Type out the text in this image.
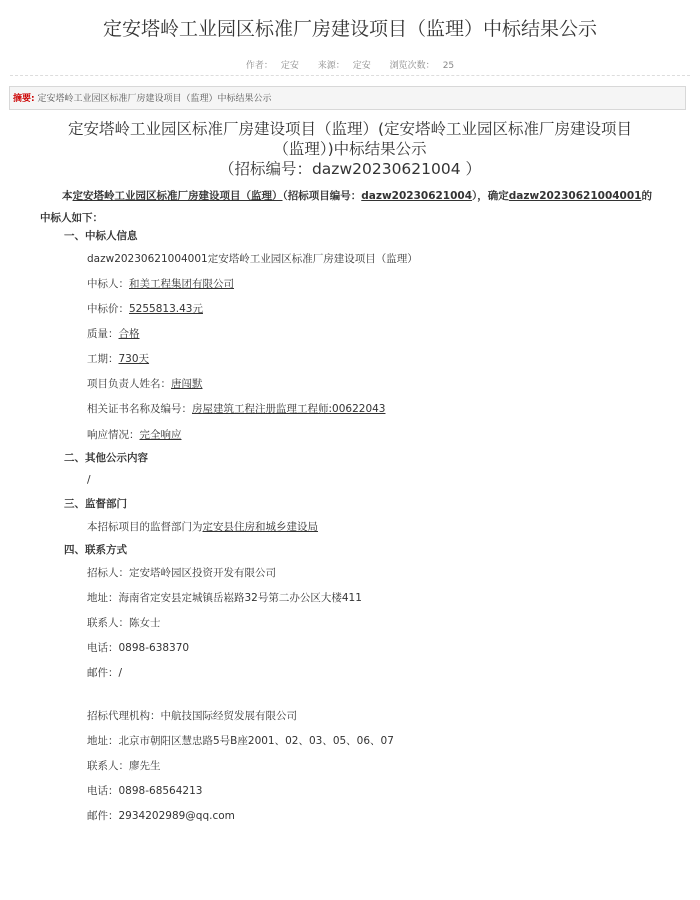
定安塔岭工业园区标准厂房建设项目（监理）中标结果公示
作者： 定安 来源： 定安 浏览次数： 25
摘要: 定安塔岭工业园区标准厂房建设项目（监理）中标结果公示
定安塔岭工业园区标准厂房建设项目（监理）(定安塔岭工业园区标准厂房建设项目
（监理）)中标结果公示
（招标编号：dazw20230621004 ）
本定安塔岭工业园区标准厂房建设项目（监理）（招标项目编号：dazw20230621004），确定dazw20230621004001的中标人如下：
一、中标人信息
dazw20230621004001定安塔岭工业园区标准厂房建设项目（监理）
中标人：和美工程集团有限公司
中标价：5255813.43元
质量：合格
工期：730天
项目负责人姓名：唐闯默
相关证书名称及编号：房屋建筑工程注册监理工程师:00622043
响应情况：完全响应
二、其他公示内容
/
三、监督部门
本招标项目的监督部门为定安县住房和城乡建设局
四、联系方式
招标人：定安塔岭园区投资开发有限公司
地址：海南省定安县定城镇岳崧路32号第二办公区大楼411
联系人：陈女士
电话：0898-638370
邮件：/
招标代理机构：中航技国际经贸发展有限公司
地址：北京市朝阳区慧忠路5号B座2001、02、03、05、06、07
联系人：廖先生
电话：0898-68564213
邮件：2934202989@qq.com
